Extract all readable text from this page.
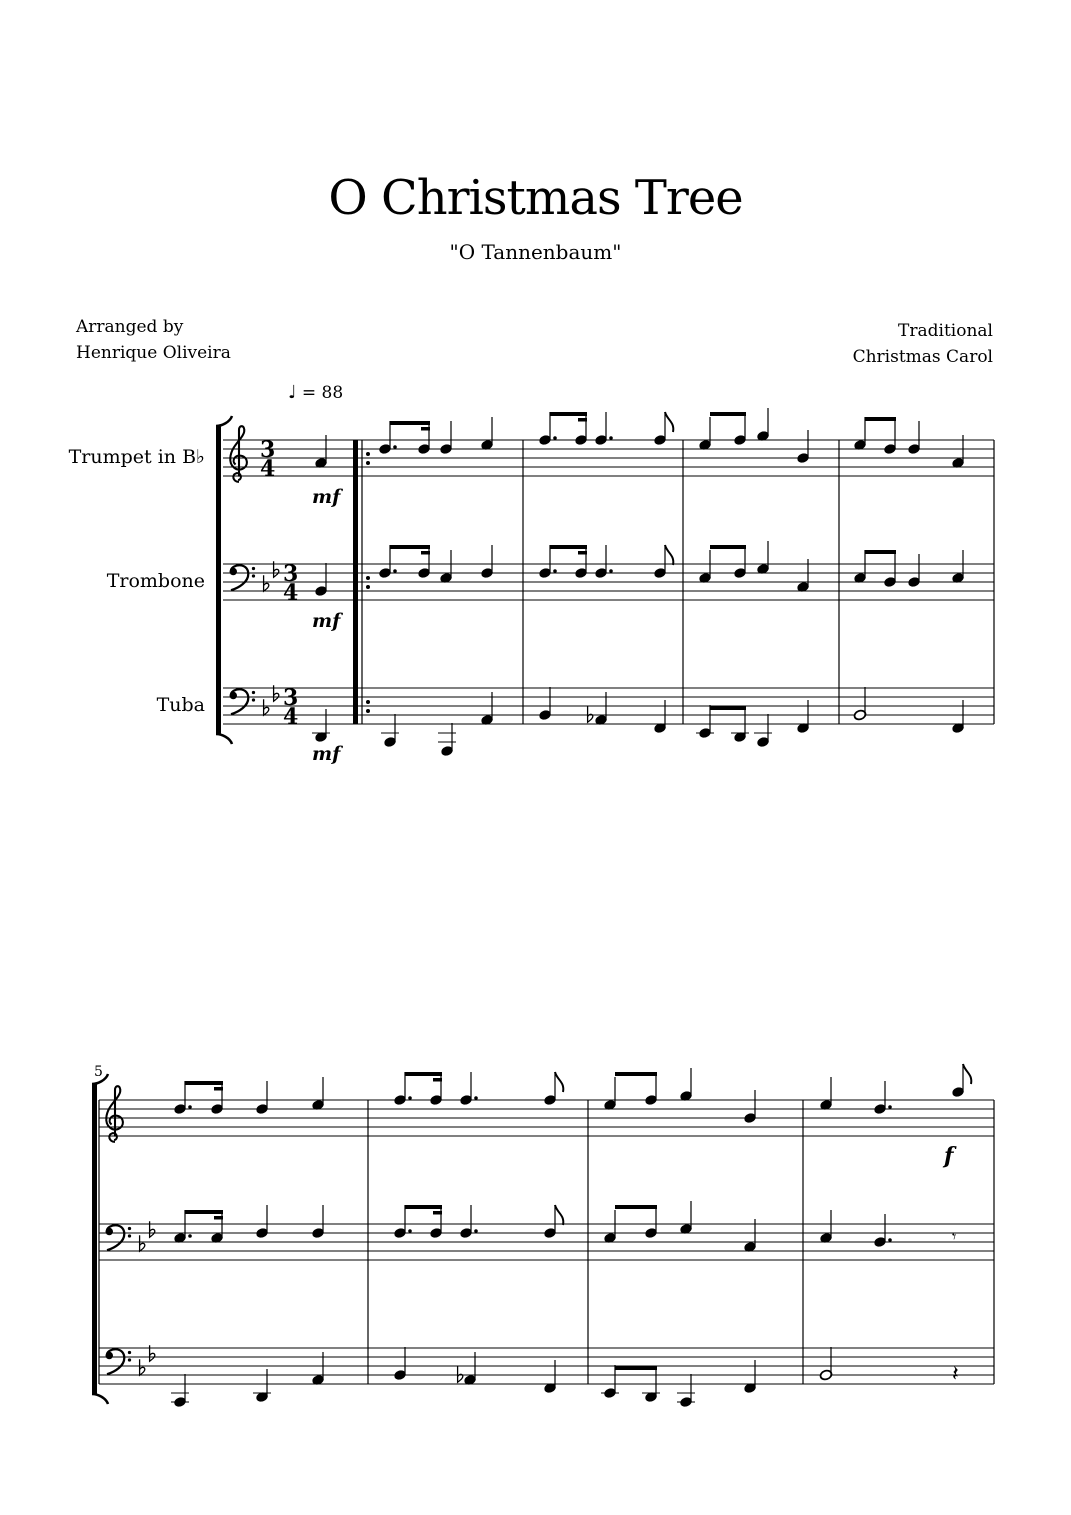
O Christmas Tree
"O Tannenbaum"
Arranged by
Henrique Oliveira
Traditional
Christmas Carol
♩ = 88
Trumpet in B♭
Trombone
Tuba
3
4
3
4
3
4
mf
mf
mf
5
f
𝄾
𝄽
